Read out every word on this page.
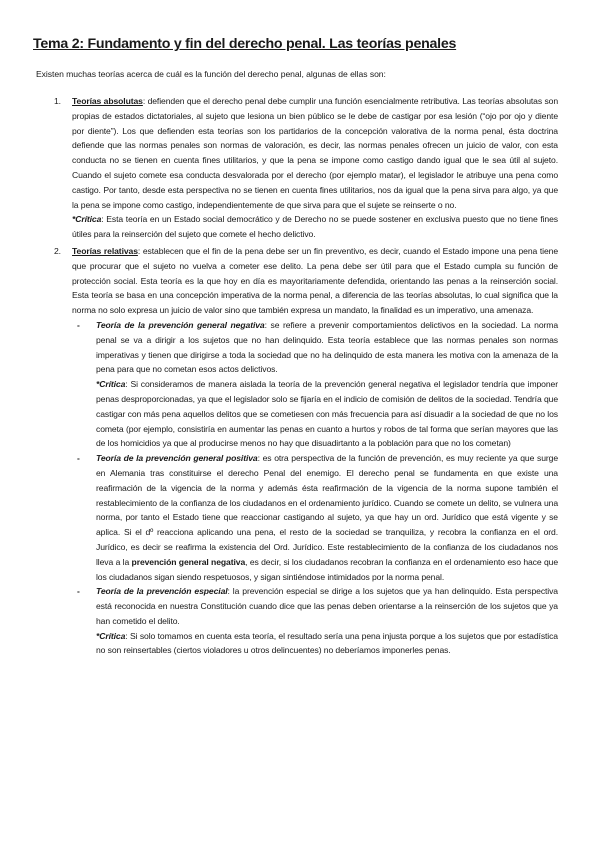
Tema 2: Fundamento y fin del derecho penal. Las teorías penales
Existen muchas teorías acerca de cuál es la función del derecho penal, algunas de ellas son:
1. Teorías absolutas: defienden que el derecho penal debe cumplir una función esencialmente retributiva. Las teorías absolutas son propias de estados dictatoriales, al sujeto que lesiona un bien público se le debe de castigar por esa lesión (“ojo por ojo y diente por diente”). Los que defienden esta teorías son los partidarios de la concepción valorativa de la norma penal, ésta doctrina defiende que las normas penales son normas de valoración, es decir, las normas penales ofrecen un juicio de valor, con esta conducta no se tienen en cuenta fines utilitarios, y que la pena se impone como castigo dando igual que le sea útil al sujeto. Cuando el sujeto comete esa conducta desvalorada por el derecho (por ejemplo matar), el legislador le atribuye una pena como castigo. Por tanto, desde esta perspectiva no se tienen en cuenta fines utilitarios, nos da igual que la pena sirva para algo, ya que la pena se impone como castigo, independientemente de que sirva para que el sujete se reinserte o no.

*Crítica: Esta teoría en un Estado social democrático y de Derecho no se puede sostener en exclusiva puesto que no tiene fines útiles para la reinserción del sujeto que comete el hecho delictivo.

2. Teorías relativas: establecen que el fin de la pena debe ser un fin preventivo, es decir, cuando el Estado impone una pena tiene que procurar que el sujeto no vuelva a cometer ese delito. La pena debe ser útil para que el Estado cumpla su función de protección social. Esta teoría es la que hoy en día es mayoritariamente defendida, orientando las penas a la reinserción social. Esta teoría se basa en una concepción imperativa de la norma penal, a diferencia de las teorías absolutas, lo cual significa que la norma no solo expresa un juicio de valor sino que también expresa un mandato, la finalidad es un imperativo, una amenaza.

- Teoría de la prevención general negativa: se refiere a prevenir comportamientos delictivos en la sociedad. La norma penal se va a dirigir a los sujetos que no han delinquido. Esta teoría establece que las normas penales son normas imperativas y tienen que dirigirse a toda la sociedad que no ha delinquido de esta manera les motiva con la amenaza de la pena para que no cometan esos actos delictivos.

*Crítica: Si consideramos de manera aislada la teoría de la prevención general negativa el legislador tendría que imponer penas desproporcionadas, ya que el legislador solo se fijaría en el indicio de comisión de delitos de la sociedad. Tendría que castigar con más pena aquellos delitos que se cometiesen con más frecuencia para así disuadir a la sociedad de que no los cometa (por ejemplo, consistiría en aumentar las penas en cuanto a hurtos y robos de tal forma que serían mayores que las de los homicidios ya que al producirse menos no hay que disuadirtanto a la población para que no los cometan)

- Teoría de la prevención general positiva: es otra perspectiva de la función de prevención, es muy reciente ya que surge en Alemania tras constituirse el derecho Penal del enemigo. El derecho penal se fundamenta en que existe una reafirmación de la vigencia de la norma y además ésta reafirmación de la vigencia de la norma supone también el restablecimiento de la confianza de los ciudadanos en el ordenamiento jurídico. Cuando se comete un delito, se vulnera una norma, por tanto el Estado tiene que reaccionar castigando al sujeto, ya que hay un ord. Jurídico que está vigente y se aplica. Si el dº reacciona aplicando una pena, el resto de la sociedad se tranquiliza, y recobra la confianza en el ord. Jurídico, es decir se reafirma la existencia del Ord. Jurídico. Este restablecimiento de la confianza de los ciudadanos nos lleva a la prevención general negativa, es decir, si los ciudadanos recobran la confianza en el ordenamiento eso hace que los ciudadanos sigan siendo respetuosos, y sigan sintiéndose intimidados por la norma penal.

- Teoría de la prevención especial: la prevención especial se dirige a los sujetos que ya han delinquido. Esta perspectiva está reconocida en nuestra Constitución cuando dice que las penas deben orientarse a la reinserción de los sujetos que ya han cometido el delito.

*Crítica: Si solo tomamos en cuenta esta teoría, el resultado sería una pena injusta porque a los sujetos que por estadística no son reinsertables (ciertos violadores u otros delincuentes) no deberíamos imponerles penas.
